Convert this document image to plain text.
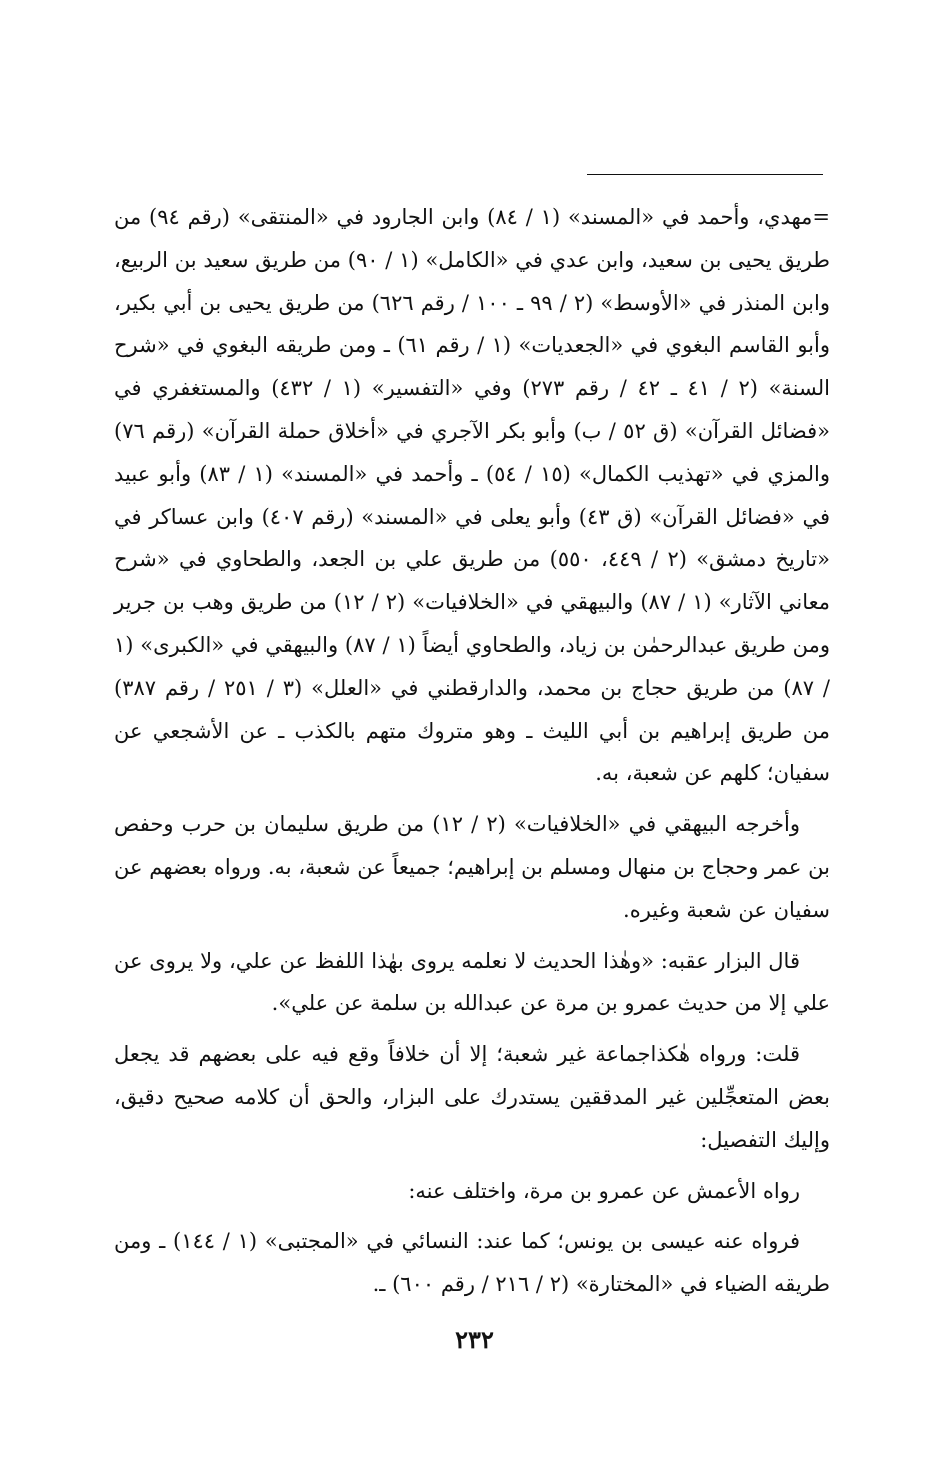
=مهدي، وأحمد في «المسند» (١ / ٨٤) وابن الجارود في «المنتقى» (رقم ٩٤) من طريق يحيى بن سعيد، وابن عدي في «الكامل» (١ / ٩٠) من طريق سعيد بن الربيع، وابن المنذر في «الأوسط» (٢ / ٩٩ ـ ١٠٠ / رقم ٦٢٦) من طريق يحيى بن أبي بكير، وأبو القاسم البغوي في «الجعديات» (١ / رقم ٦١) ـ ومن طريقه البغوي في «شرح السنة» (٢ / ٤١ ـ ٤٢ / رقم ٢٧٣) وفي «التفسير» (١ / ٤٣٢) والمستغفري في «فضائل القرآن» (ق ٥٢ / ب) وأبو بكر الآجري في «أخلاق حملة القرآن» (رقم ٧٦) والمزي في «تهذيب الكمال» (١٥ / ٥٤) ـ وأحمد في «المسند» (١ / ٨٣) وأبو عبيد في «فضائل القرآن» (ق ٤٣) وأبو يعلى في «المسند» (رقم ٤٠٧) وابن عساكر في «تاريخ دمشق» (٢ / ٤٤٩، ٥٥٠) من طريق علي بن الجعد، والطحاوي في «شرح معاني الآثار» (١ / ٨٧) والبيهقي في «الخلافيات» (٢ / ١٢) من طريق وهب بن جرير ومن طريق عبدالرحمٰن بن زياد، والطحاوي أيضاً (١ / ٨٧) والبيهقي في «الكبرى» (١ / ٨٧) من طريق حجاج بن محمد، والدارقطني في «العلل» (٣ / ٢٥١ / رقم ٣٨٧) من طريق إبراهيم بن أبي الليث ـ وهو متروك متهم بالكذب ـ عن الأشجعي عن سفيان؛ كلهم عن شعبة، به.

وأخرجه البيهقي في «الخلافيات» (٢ / ١٢) من طريق سليمان بن حرب وحفص بن عمر وحجاج بن منهال ومسلم بن إبراهيم؛ جميعاً عن شعبة، به. ورواه بعضهم عن سفيان عن شعبة وغيره.

قال البزار عقبه: «وهٰذا الحديث لا نعلمه يروى بهٰذا اللفظ عن علي، ولا يروى عن علي إلا من حديث عمرو بن مرة عن عبدالله بن سلمة عن علي».

قلت: ورواه هٰكذاجماعة غير شعبة؛ إلا أن خلافاً وقع فيه على بعضهم قد يجعل بعض المتعجِّلين غير المدققين يستدرك على البزار، والحق أن كلامه صحيح دقيق، وإليك التفصيل:

رواه الأعمش عن عمرو بن مرة، واختلف عنه:

فرواه عنه عيسى بن يونس؛ كما عند: النسائي في «المجتبى» (١ / ١٤٤) ـ ومن طريقه الضياء في «المختارة» (٢ / ٢١٦ / رقم ٦٠٠) ـ.

٢٣٢
